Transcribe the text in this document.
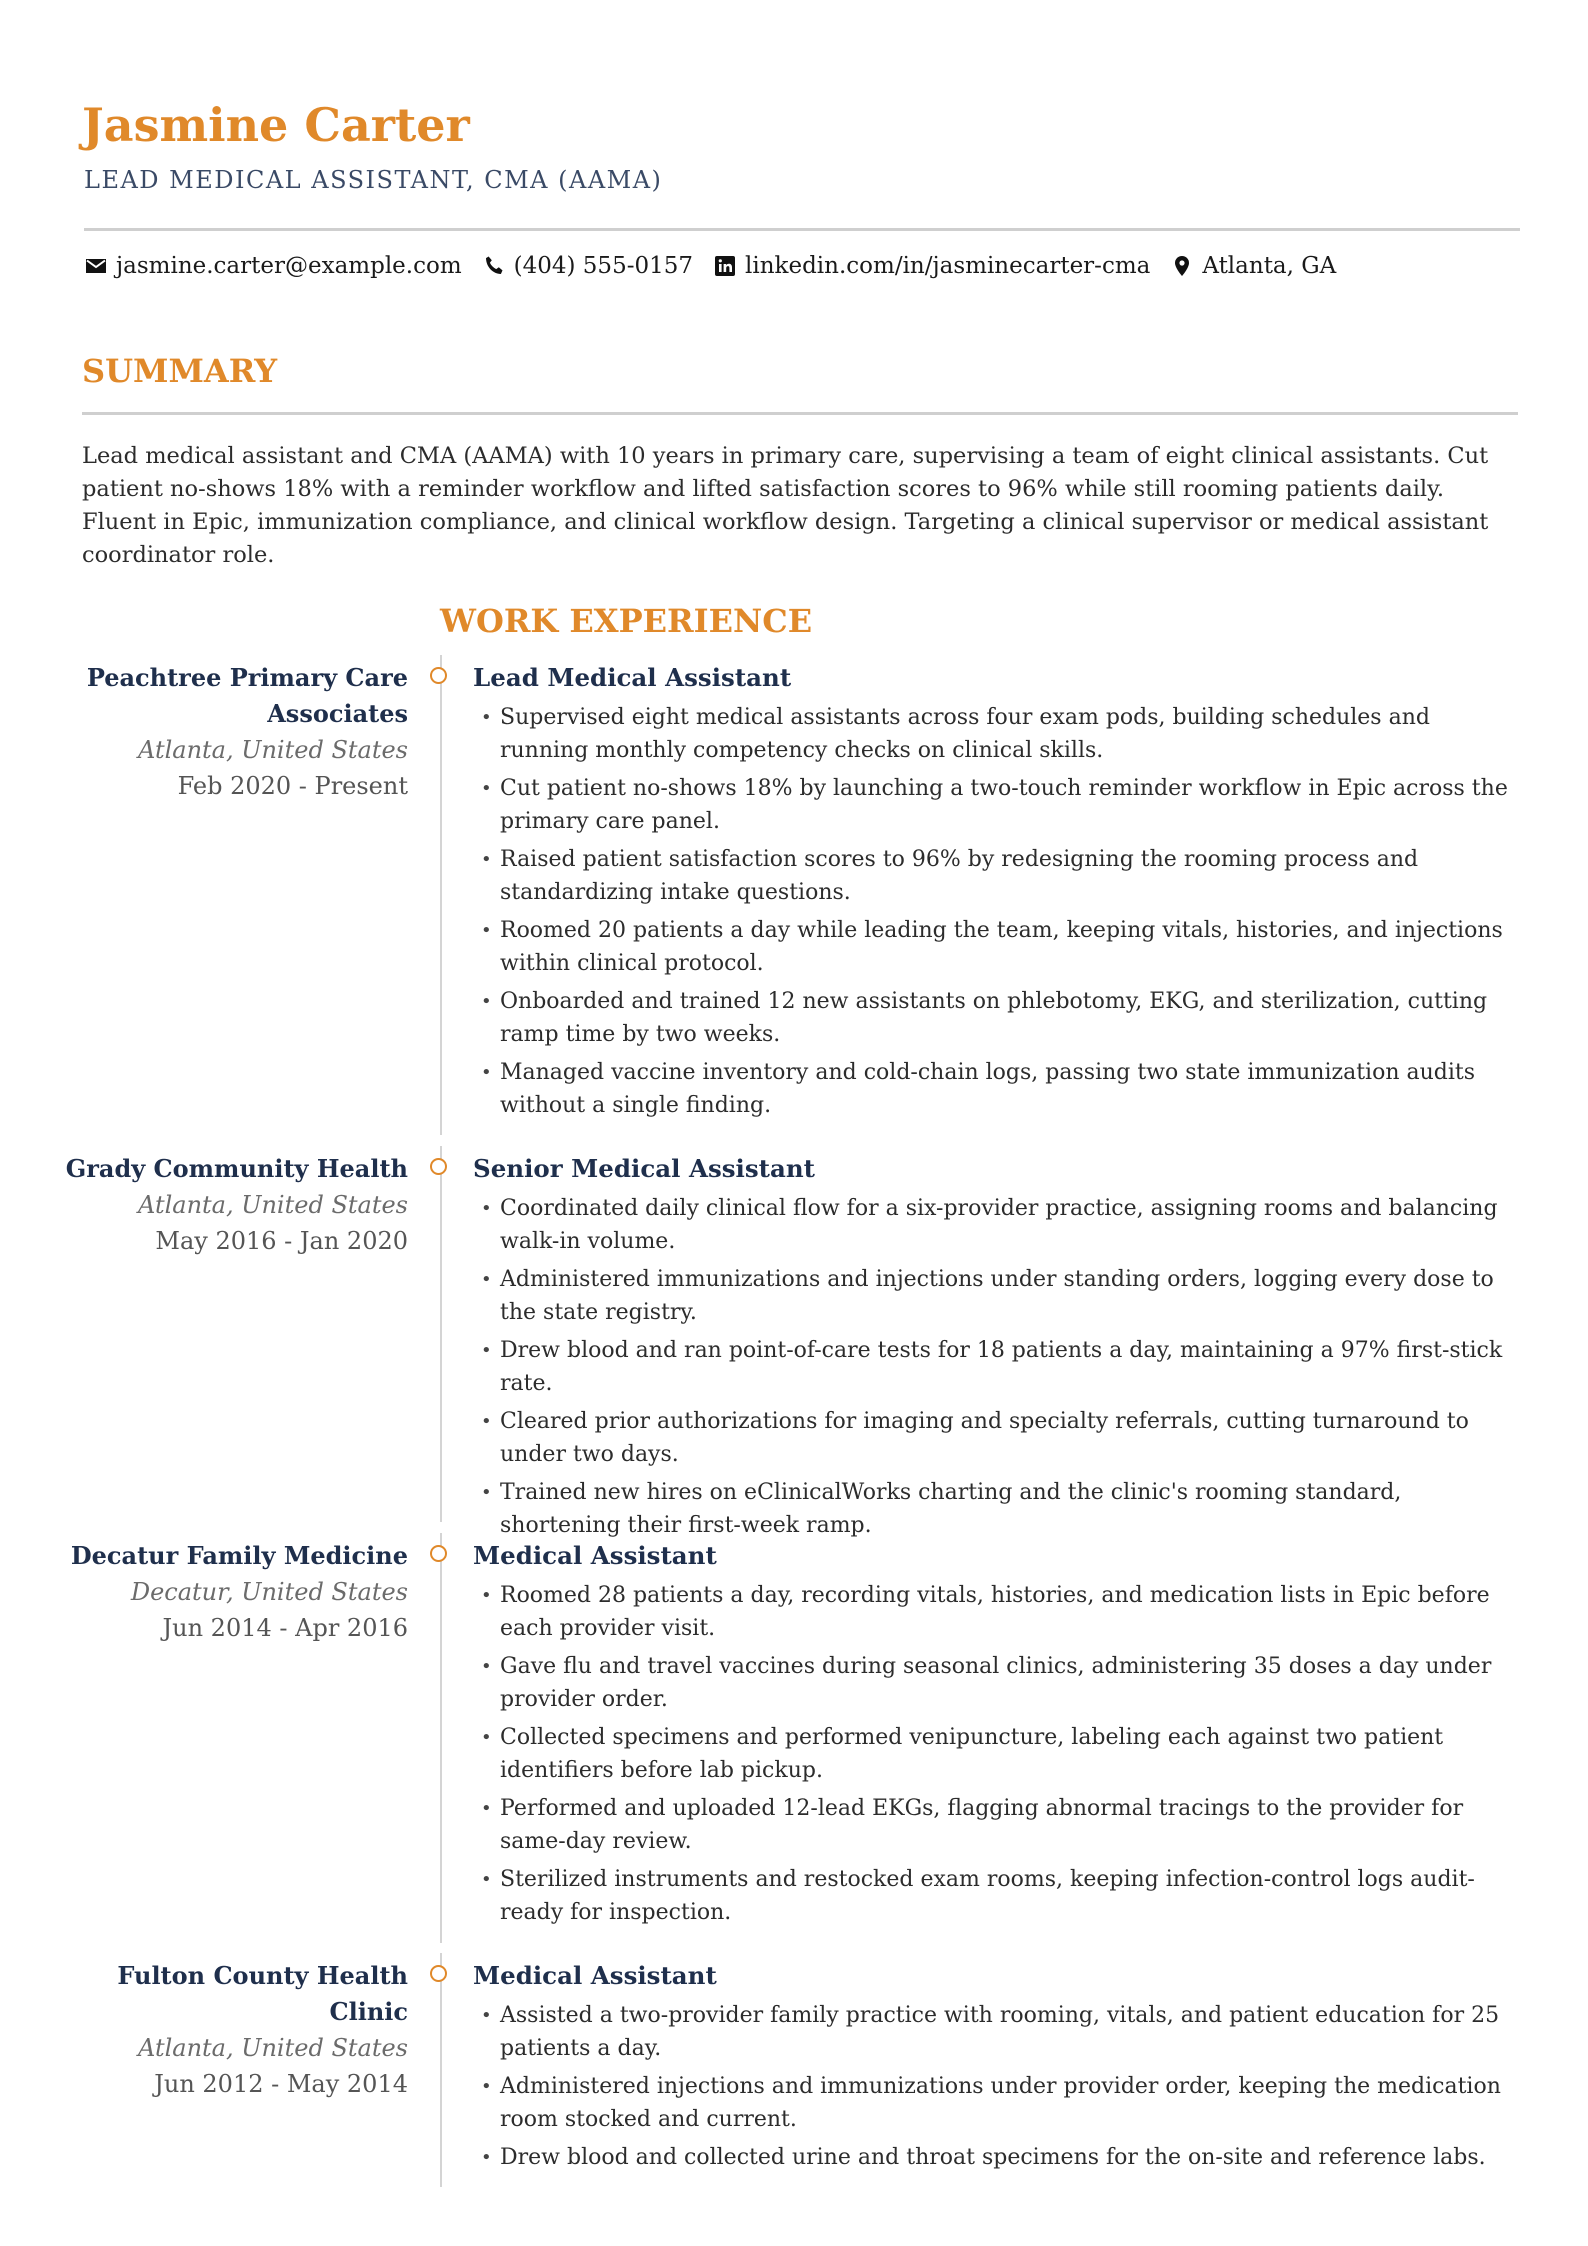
Jasmine Carter
LEAD MEDICAL ASSISTANT, CMA (AAMA)
jasmine.carter@example.com (404) 555-0157 linkedin.com/in/jasminecarter-cma Atlanta, GA
SUMMARY

Lead medical assistant and CMA (AAMA) with 10 years in primary care, supervising a team of eight clinical assistants. Cut patient no-shows 18% with a reminder workflow and lifted satisfaction scores to 96% while still rooming patients daily. Fluent in Epic, immunization compliance, and clinical workflow design. Targeting a clinical supervisor or medical assistant coordinator role.

WORK EXPERIENCE
Peachtree Primary Care Associates
Atlanta, United States
Feb 2020 - Present
Lead Medical Assistant
• Supervised eight medical assistants across four exam pods, building schedules and running monthly competency checks on clinical skills.
• Cut patient no-shows 18% by launching a two-touch reminder workflow in Epic across the primary care panel.
• Raised patient satisfaction scores to 96% by redesigning the rooming process and standardizing intake questions.
• Roomed 20 patients a day while leading the team, keeping vitals, histories, and injections within clinical protocol.
• Onboarded and trained 12 new assistants on phlebotomy, EKG, and sterilization, cutting ramp time by two weeks.
• Managed vaccine inventory and cold-chain logs, passing two state immunization audits without a single finding.
Grady Community Health
Atlanta, United States
May 2016 - Jan 2020
Senior Medical Assistant
• Coordinated daily clinical flow for a six-provider practice, assigning rooms and balancing walk-in volume.
• Administered immunizations and injections under standing orders, logging every dose to the state registry.
• Drew blood and ran point-of-care tests for 18 patients a day, maintaining a 97% first-stick rate.
• Cleared prior authorizations for imaging and specialty referrals, cutting turnaround to under two days.
• Trained new hires on eClinicalWorks charting and the clinic's rooming standard, shortening their first-week ramp.
Decatur Family Medicine
Decatur, United States
Jun 2014 - Apr 2016
Medical Assistant
• Roomed 28 patients a day, recording vitals, histories, and medication lists in Epic before each provider visit.
• Gave flu and travel vaccines during seasonal clinics, administering 35 doses a day under provider order.
• Collected specimens and performed venipuncture, labeling each against two patient identifiers before lab pickup.
• Performed and uploaded 12-lead EKGs, flagging abnormal tracings to the provider for same-day review.
• Sterilized instruments and restocked exam rooms, keeping infection-control logs audit-ready for inspection.
Fulton County Health Clinic
Atlanta, United States
Jun 2012 - May 2014
Medical Assistant
• Assisted a two-provider family practice with rooming, vitals, and patient education for 25 patients a day.
• Administered injections and immunizations under provider order, keeping the medication room stocked and current.
• Drew blood and collected urine and throat specimens for the on-site and reference labs.
